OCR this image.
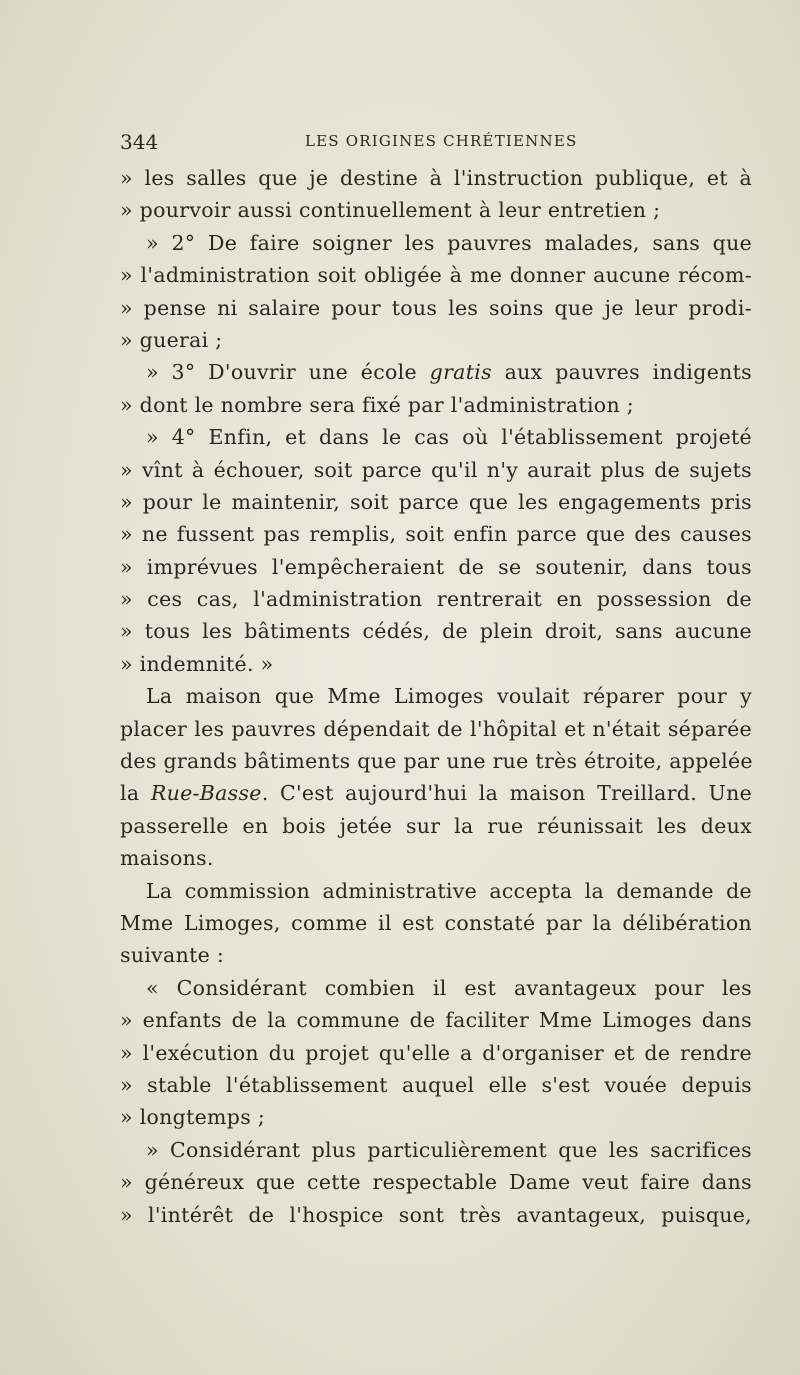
344	LES ORIGINES CHRÉTIENNES
» les salles que je destine à l'instruction publique, et à
» pourvoir aussi continuellement à leur entretien ;
» 2° De faire soigner les pauvres malades, sans que
» l'administration soit obligée à me donner aucune récom-
» pense ni salaire pour tous les soins que je leur prodi-
» guerai ;
» 3° D'ouvrir une école gratis aux pauvres indigents
» dont le nombre sera fixé par l'administration ;
» 4° Enfin, et dans le cas où l'établissement projeté
» vînt à échouer, soit parce qu'il n'y aurait plus de sujets
» pour le maintenir, soit parce que les engagements pris
» ne fussent pas remplis, soit enfin parce que des causes
» imprévues l'empêcheraient de se soutenir, dans tous
» ces cas, l'administration rentrerait en possession de
» tous les bâtiments cédés, de plein droit, sans aucune
» indemnité. »
La maison que Mme Limoges voulait réparer pour y
placer les pauvres dépendait de l'hôpital et n'était séparée
des grands bâtiments que par une rue très étroite, appelée
la Rue-Basse. C'est aujourd'hui la maison Treillard. Une
passerelle en bois jetée sur la rue réunissait les deux
maisons.
La commission administrative accepta la demande de
Mme Limoges, comme il est constaté par la délibération
suivante :
« Considérant combien il est avantageux pour les
» enfants de la commune de faciliter Mme Limoges dans
» l'exécution du projet qu'elle a d'organiser et de rendre
» stable l'établissement auquel elle s'est vouée depuis
» longtemps ;
» Considérant plus particulièrement que les sacrifices
» généreux que cette respectable Dame veut faire dans
» l'intérêt de l'hospice sont très avantageux, puisque,
